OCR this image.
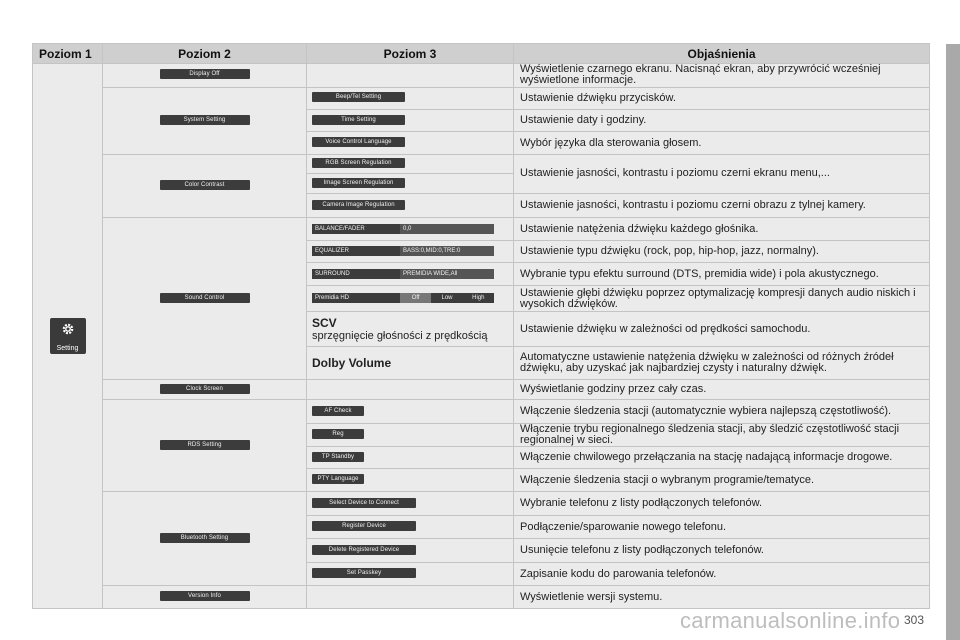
Poziom 1	Poziom 2	Poziom 3	Objaśnienia

Setting	Display Off		Wyświetlenie czarnego ekranu. Nacisnąć ekran, aby przywrócić wcześniej wyświetlone informacje.
	System Setting	Beep/Tel Setting	Ustawienie dźwięku przycisków.
		Time Setting	Ustawienie daty i godziny.
		Voice Control Language	Wybór języka dla sterowania głosem.
	Color Contrast	RGB Screen Regulation	Ustawienie jasności, kontrastu i poziomu czerni ekranu menu,...
		Image Screen Regulation	
		Camera Image Regulation	Ustawienie jasności, kontrastu i poziomu czerni obrazu z tylnej kamery.
	Sound Control	BALANCE/FADER 0,0	Ustawienie natężenia dźwięku każdego głośnika.

		EQUALIZER BASS:0,MID:0,TRE:0	Ustawienie typu dźwięku (rock, pop, hip-hop, jazz, normalny).

		SURROUND PREMIDIA WIDE,All	Wybranie typu efektu surround (DTS, premidia wide) i pola akustycznego.

		Premidia HD Off Low High	Ustawienie głębi dźwięku poprzez optymalizację kompresji danych audio niskich i wysokich dźwięków.

		SCV
sprzęgnięcie głośności z prędkością	Ustawienie dźwięku w zależności od prędkości samochodu.
		Dolby Volume	Automatyczne ustawienie natężenia dźwięku w zależności od różnych źródeł dźwięku, aby uzyskać jak najbardziej czysty i naturalny dźwięk.
	Clock Screen		Wyświetlanie godziny przez cały czas.
	RDS Setting	AF Check	Włączenie śledzenia stacji (automatycznie wybiera najlepszą częstotliwość).
		Reg	Włączenie trybu regionalnego śledzenia stacji, aby śledzić częstotliwość stacji regionalnej w sieci.
		TP Standby	Włączenie chwilowego przełączania na stację nadającą informacje drogowe.
		PTY Language	Włączenie śledzenia stacji o wybranym programie/tematyce.
	Bluetooth Setting	Select Device to Connect	Wybranie telefonu z listy podłączonych telefonów.
		Register Device	Podłączenie/sparowanie nowego telefonu.
		Delete Registered Device	Usunięcie telefonu z listy podłączonych telefonów.
		Set Passkey	Zapisanie kodu do parowania telefonów.
	Version Info		Wyświetlenie wersji systemu.
carmanualsonline.info 303
